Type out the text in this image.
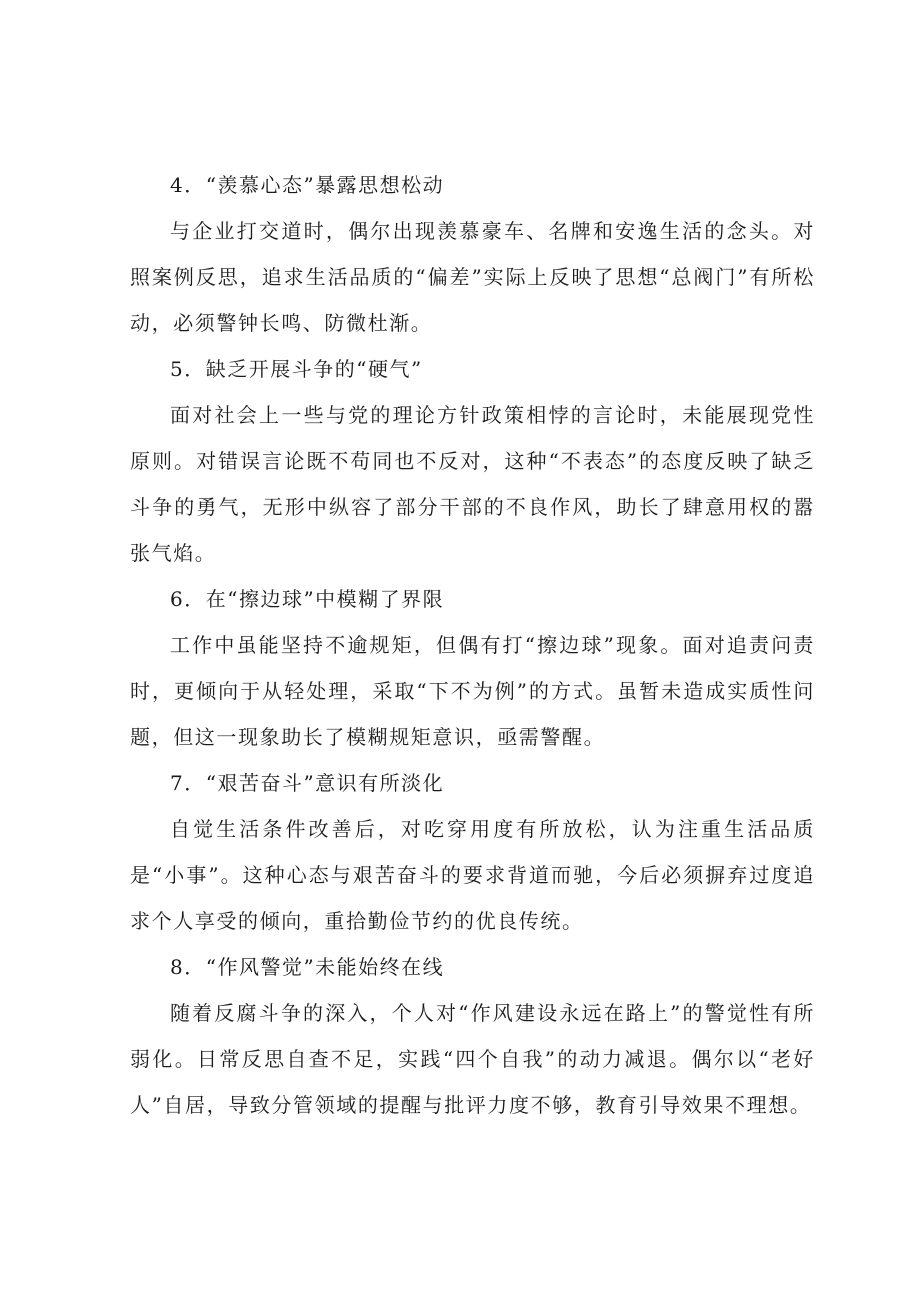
4．“羡慕心态”暴露思想松动

与企业打交道时，偶尔出现羡慕豪车、名牌和安逸生活的念头。对照案例反思，追求生活品质的“偏差”实际上反映了思想“总阀门”有所松动，必须警钟长鸣、防微杜渐。

5．缺乏开展斗争的“硬气”

面对社会上一些与党的理论方针政策相悖的言论时，未能展现党性原则。对错误言论既不苟同也不反对，这种“不表态”的态度反映了缺乏斗争的勇气，无形中纵容了部分干部的不良作风，助长了肆意用权的嚣张气焰。

6．在“擦边球”中模糊了界限

工作中虽能坚持不逾规矩，但偶有打“擦边球”现象。面对追责问责时，更倾向于从轻处理，采取“下不为例”的方式。虽暂未造成实质性问题，但这一现象助长了模糊规矩意识，亟需警醒。

7．“艰苦奋斗”意识有所淡化

自觉生活条件改善后，对吃穿用度有所放松，认为注重生活品质是“小事”。这种心态与艰苦奋斗的要求背道而驰，今后必须摒弃过度追求个人享受的倾向，重拾勤俭节约的优良传统。

8．“作风警觉”未能始终在线

随着反腐斗争的深入，个人对“作风建设永远在路上”的警觉性有所弱化。日常反思自查不足，实践“四个自我”的动力减退。偶尔以“老好人”自居，导致分管领域的提醒与批评力度不够，教育引导效果不理想。
